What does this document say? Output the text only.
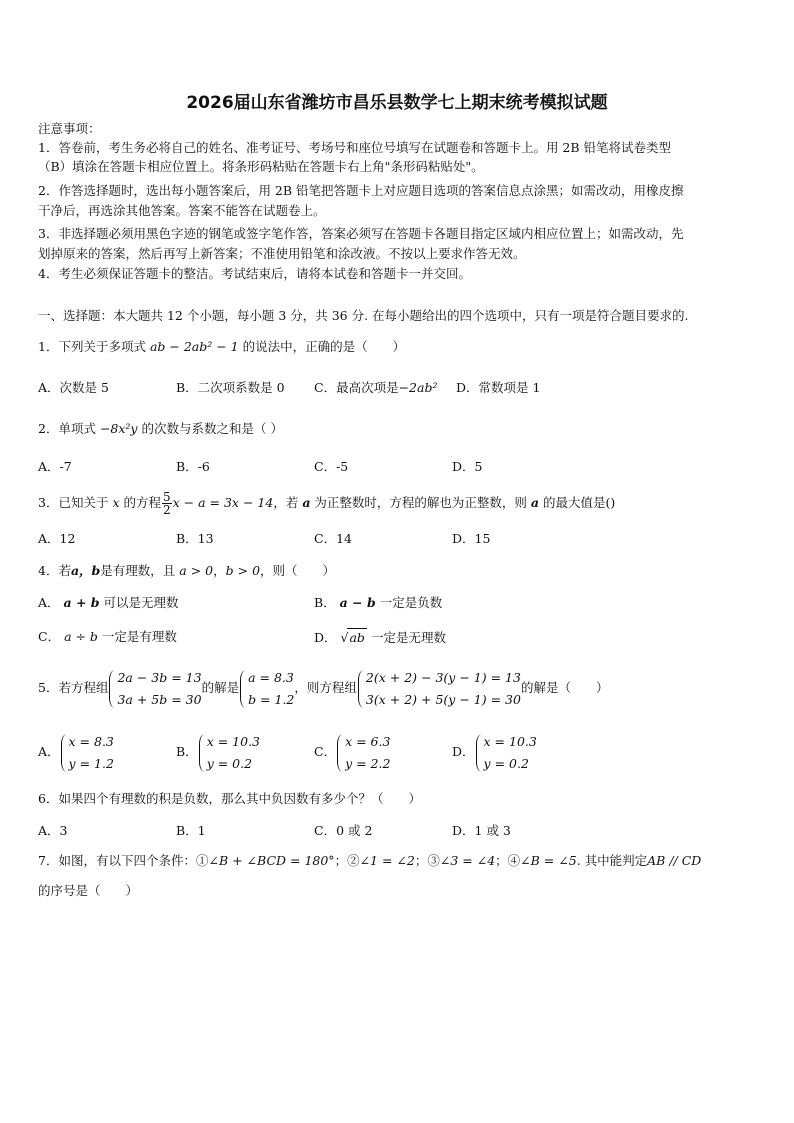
2026届山东省潍坊市昌乐县数学七上期末统考模拟试题
注意事项：
1．答卷前，考生务必将自己的姓名、准考证号、考场号和座位号填写在试题卷和答题卡上。用 2B 铅笔将试卷类型
（B）填涂在答题卡相应位置上。将条形码粘贴在答题卡右上角"条形码粘贴处"。
2．作答选择题时，选出每小题答案后，用 2B 铅笔把答题卡上对应题目选项的答案信息点涂黑；如需改动，用橡皮擦
干净后，再选涂其他答案。答案不能答在试题卷上。
3．非选择题必须用黑色字迹的钢笔或签字笔作答，答案必须写在答题卡各题目指定区域内相应位置上；如需改动，先
划掉原来的答案，然后再写上新答案；不准使用铅笔和涂改液。不按以上要求作答无效。
4．考生必须保证答题卡的整洁。考试结束后，请将本试卷和答题卡一并交回。
一、选择题：本大题共 12 个小题，每小题 3 分，共 36 分. 在每小题给出的四个选项中，只有一项是符合题目要求的.
1．下列关于多项式 ab − 2ab² − 1 的说法中，正确的是（　　）
A．次数是 5	B．二次项系数是 0 C．最高次项是−2ab² D．常数项是 1
2．单项式 −8x²y 的次数与系数之和是（ ）
A．-7	B．-6	C．-5	D．5
3．已知关于 x 的方程 $\frac{5}{2}$ x − a = 3x − 14，若 a 为正整数时，方程的解也为正整数，则 a 的最大值是()
A．12	B．13	C．14	D．15
4．若a，b是有理数，且 a > 0，b > 0，则（　　）
A． a + b 可以是无理数	B． a − b 一定是负数
C． a ÷ b 一定是有理数	D． √ab 一定是无理数
5．若方程组
2a − 3b = 13
3a + 5b = 30
的解是
a = 8.3
b = 1.2
，则方程组
2(x + 2) − 3(y − 1) = 13
3(x + 2) + 5(y − 1) = 30
的解是（　　）
A．
x = 8.3
y = 1.2
B．
x = 10.3
y = 0.2
C．
x = 6.3
y = 2.2
D．
x = 10.3
y = 0.2
6．如果四个有理数的积是负数，那么其中负因数有多少个？（　　）
A．3	B．1	C．0 或 2	D．1 或 3
7．如图，有以下四个条件：①∠B + ∠BCD = 180°；②∠1 = ∠2；③∠3 = ∠4；④∠B = ∠5. 其中能判定AB // CD
的序号是（　　）
